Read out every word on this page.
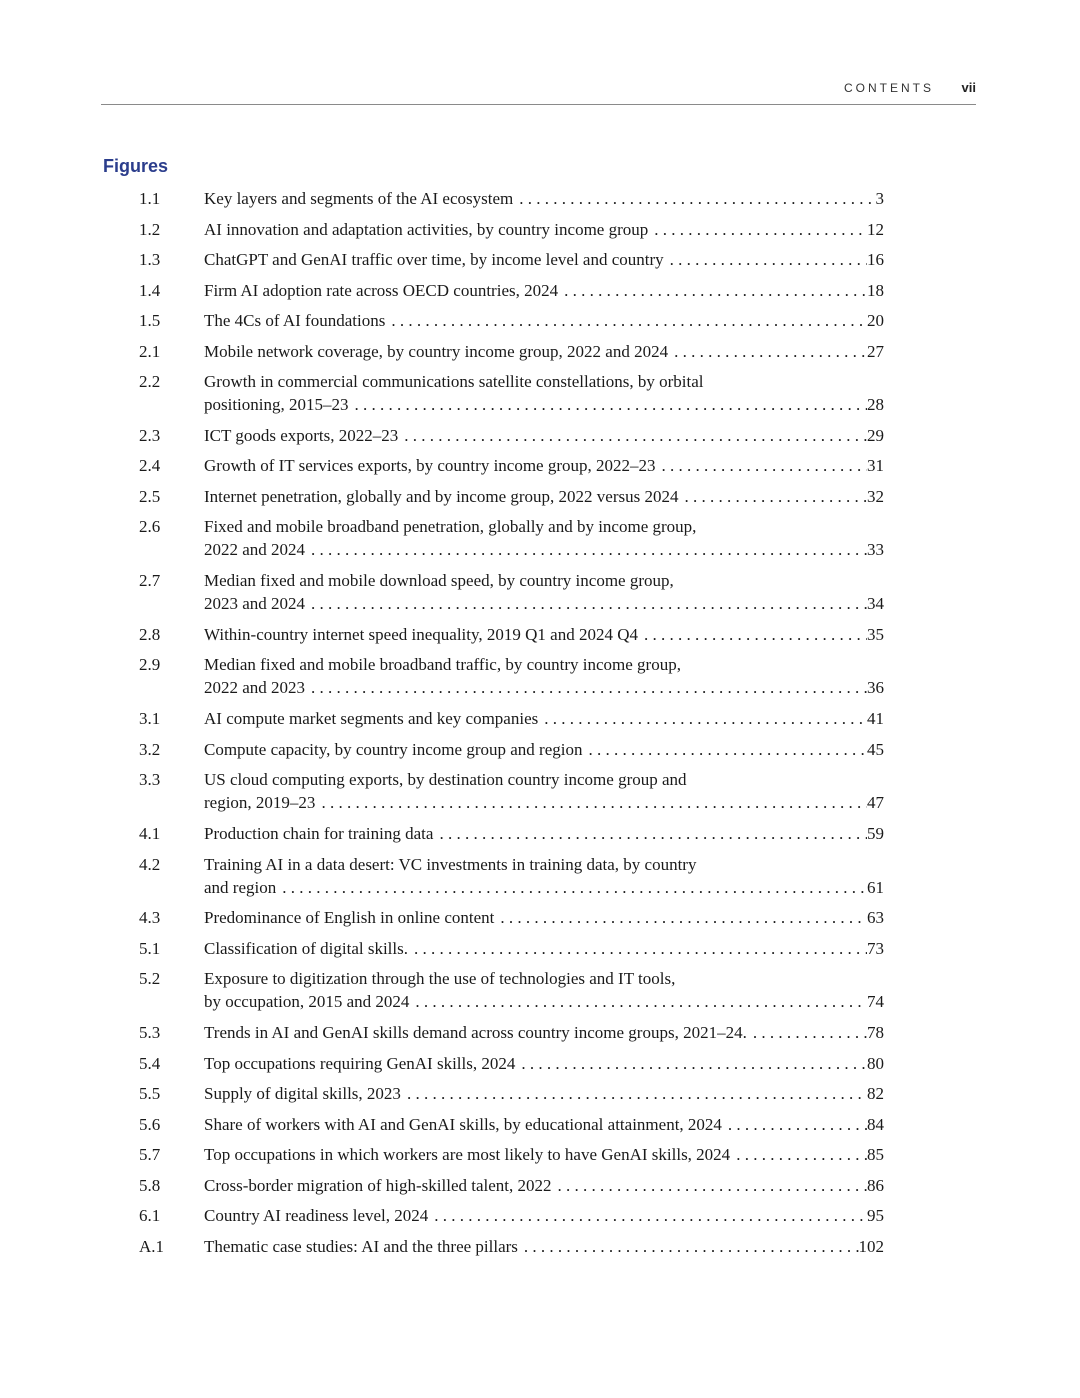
CONTENTS vii
Figures
1.1	Key layers and segments of the AI ecosystem . . .	3
1.2	AI innovation and adaptation activities, by country income group . . .	12
1.3	ChatGPT and GenAI traffic over time, by income level and country . . .	16
1.4	Firm AI adoption rate across OECD countries, 2024 . . .	18
1.5	The 4Cs of AI foundations . . .	20
2.1	Mobile network coverage, by country income group, 2022 and 2024 . . .	27
2.2	Growth in commercial communications satellite constellations, by orbital
positioning, 2015–23 . . .	28
2.3	ICT goods exports, 2022–23 . . .	29
2.4	Growth of IT services exports, by country income group, 2022–23 . . .	31
2.5	Internet penetration, globally and by income group, 2022 versus 2024 . . .	32
2.6	Fixed and mobile broadband penetration, globally and by income group,
2022 and 2024 . . .	33
2.7	Median fixed and mobile download speed, by country income group,
2023 and 2024 . . .	34
2.8	Within-country internet speed inequality, 2019 Q1 and 2024 Q4 . . .	35
2.9	Median fixed and mobile broadband traffic, by country income group,
2022 and 2023 . . .	36
3.1	AI compute market segments and key companies . . .	41
3.2	Compute capacity, by country income group and region . . .	45
3.3	US cloud computing exports, by destination country income group and
region, 2019–23 . . .	47
4.1	Production chain for training data . . .	59
4.2	Training AI in a data desert: VC investments in training data, by country
and region . . .	61
4.3	Predominance of English in online content . . .	63
5.1	Classification of digital skills. . . .	73
5.2	Exposure to digitization through the use of technologies and IT tools,
by occupation, 2015 and 2024 . . .	74
5.3	Trends in AI and GenAI skills demand across country income groups, 2021–24. . . .	78
5.4	Top occupations requiring GenAI skills, 2024 . . .	80
5.5	Supply of digital skills, 2023 . . .	82
5.6	Share of workers with AI and GenAI skills, by educational attainment, 2024 . . .	84
5.7	Top occupations in which workers are most likely to have GenAI skills, 2024 . . .	85
5.8	Cross-border migration of high-skilled talent, 2022 . . .	86
6.1	Country AI readiness level, 2024 . . .	95
A.1	Thematic case studies: AI and the three pillars . . .	102
